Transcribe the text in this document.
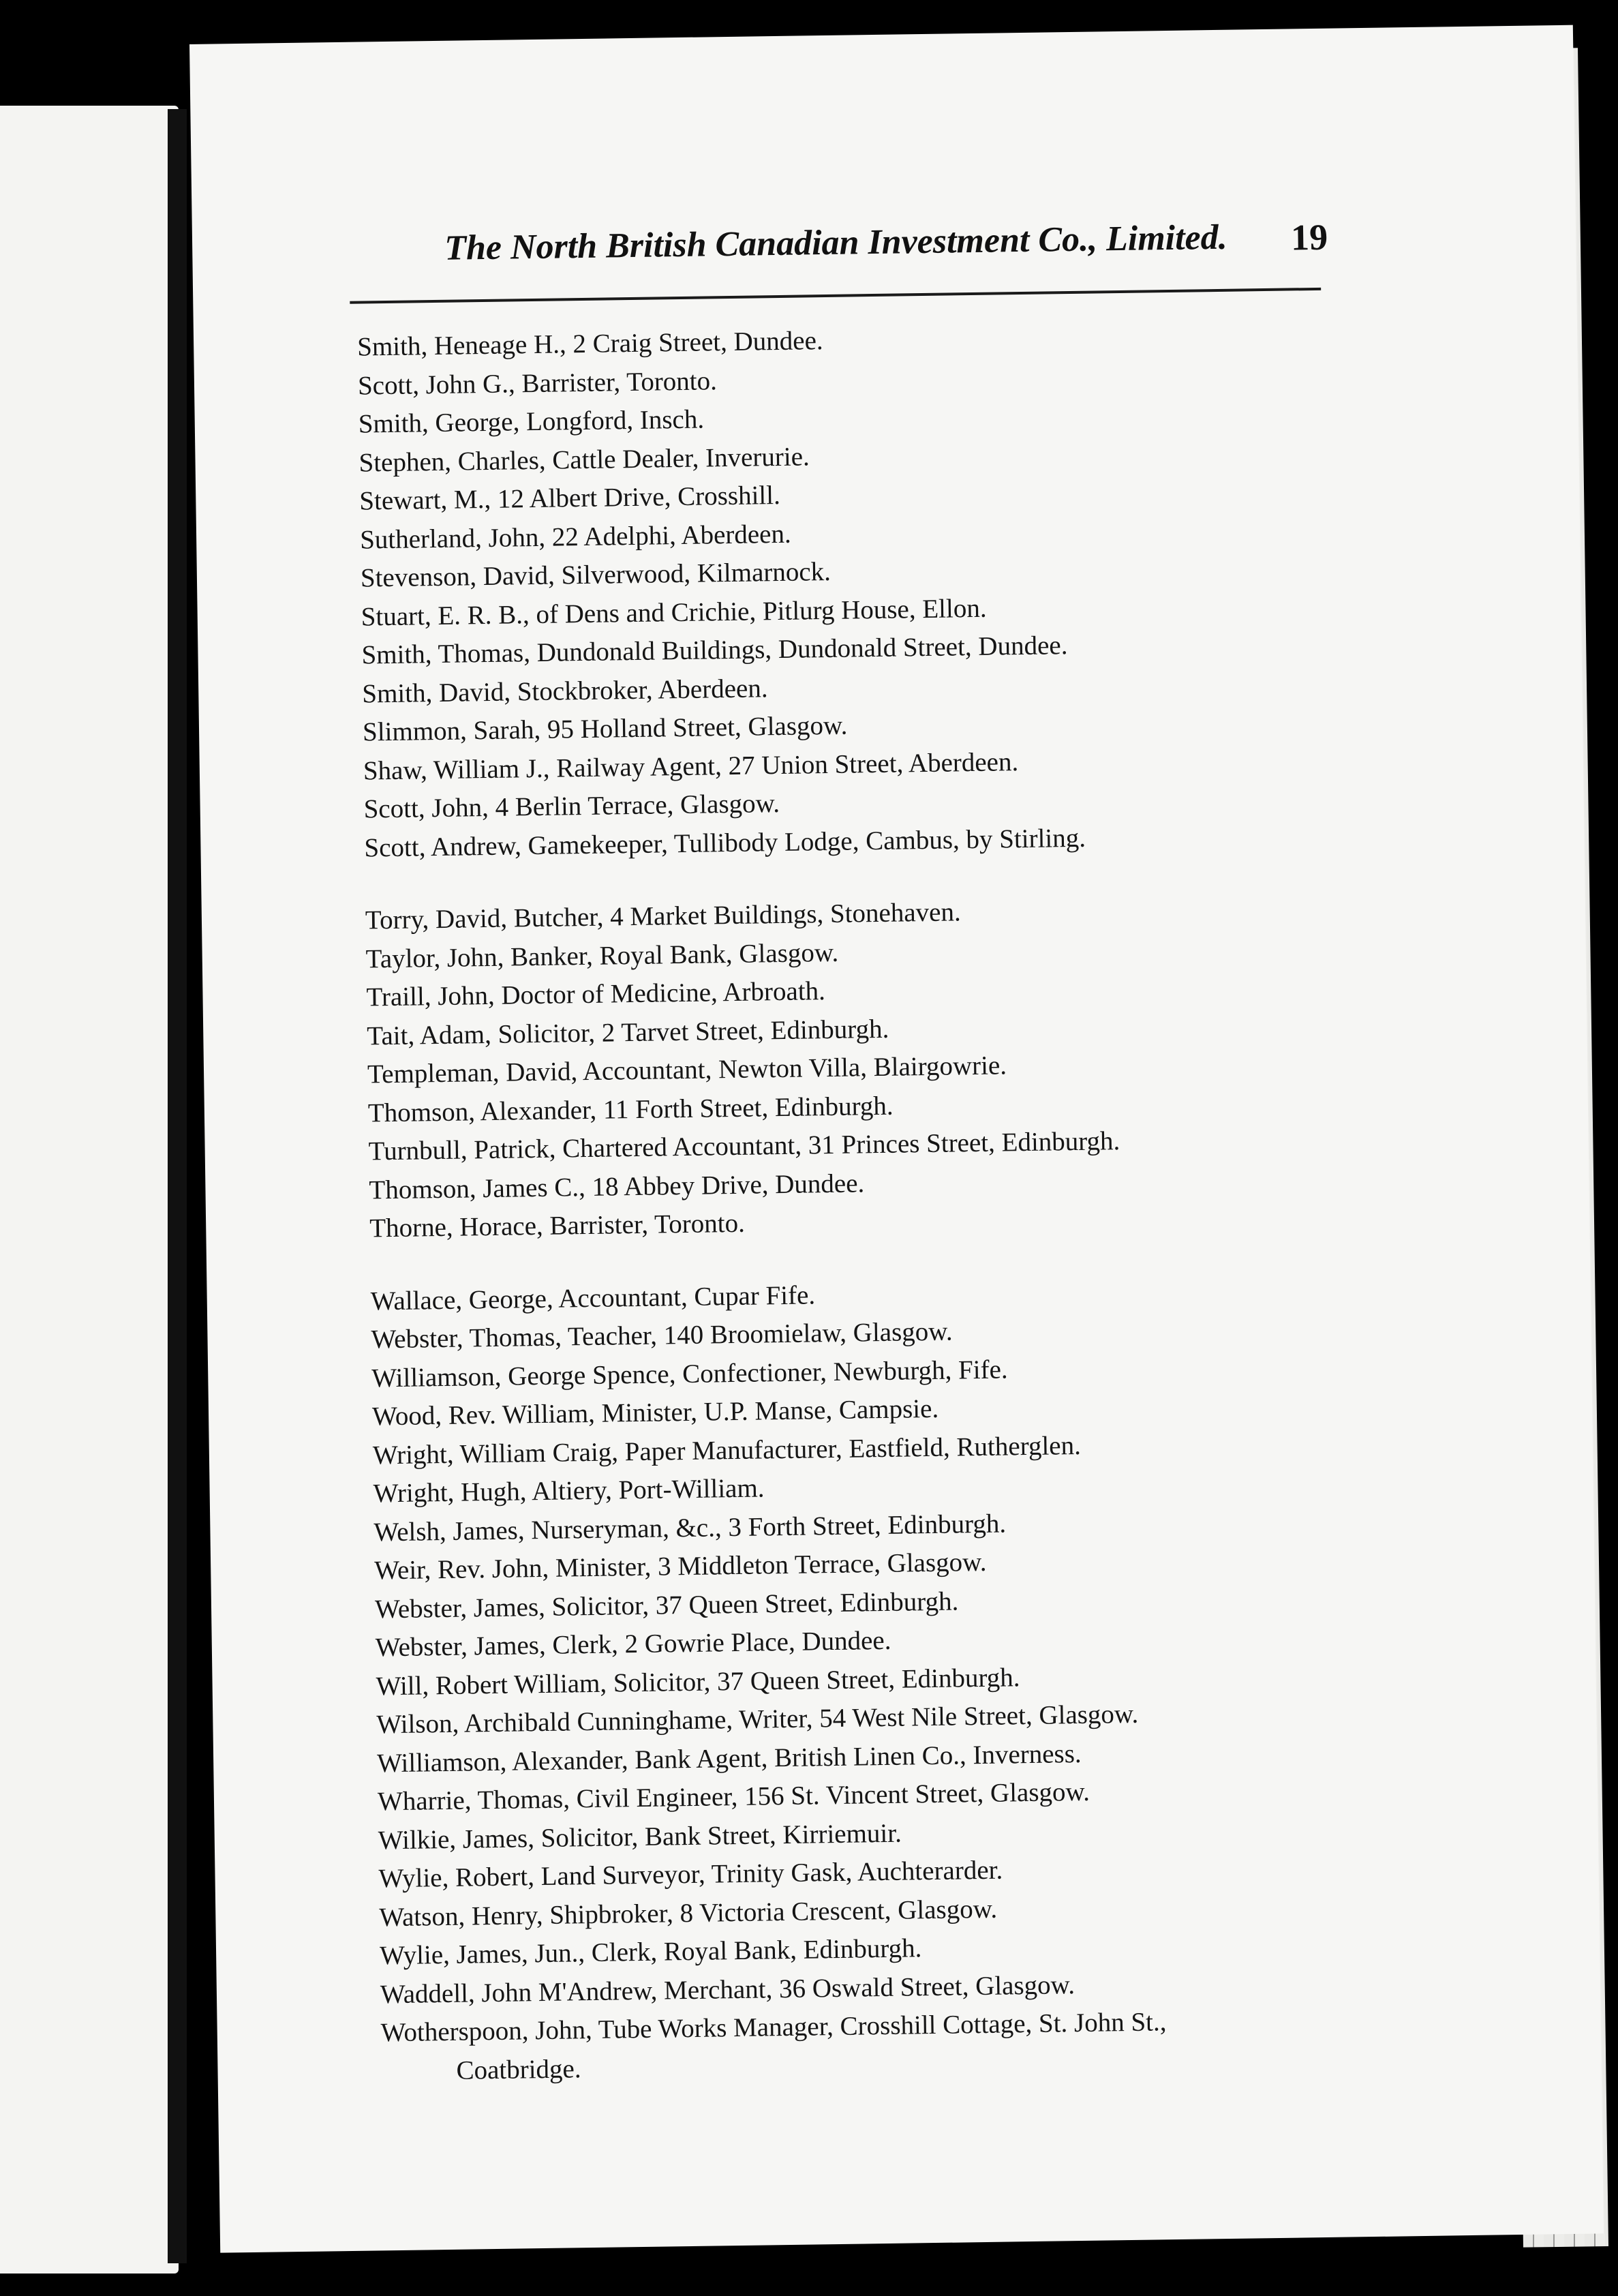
The North British Canadian Investment Co., Limited. 19

Smith, Heneage H., 2 Craig Street, Dundee.

Scott, John G., Barrister, Toronto.

Smith, George, Longford, Insch.

Stephen, Charles, Cattle Dealer, Inverurie.

Stewart, M., 12 Albert Drive, Crosshill.

Sutherland, John, 22 Adelphi, Aberdeen.

Stevenson, David, Silverwood, Kilmarnock.

Stuart, E. R. B., of Dens and Crichie, Pitlurg House, Ellon.

Smith, Thomas, Dundonald Buildings, Dundonald Street, Dundee.

Smith, David, Stockbroker, Aberdeen.

Slimmon, Sarah, 95 Holland Street, Glasgow.

Shaw, William J., Railway Agent, 27 Union Street, Aberdeen.

Scott, John, 4 Berlin Terrace, Glasgow.

Scott, Andrew, Gamekeeper, Tullibody Lodge, Cambus, by Stirling.

Torry, David, Butcher, 4 Market Buildings, Stonehaven.

Taylor, John, Banker, Royal Bank, Glasgow.

Traill, John, Doctor of Medicine, Arbroath.

Tait, Adam, Solicitor, 2 Tarvet Street, Edinburgh.

Templeman, David, Accountant, Newton Villa, Blairgowrie.

Thomson, Alexander, 11 Forth Street, Edinburgh.

Turnbull, Patrick, Chartered Accountant, 31 Princes Street, Edinburgh.

Thomson, James C., 18 Abbey Drive, Dundee.

Thorne, Horace, Barrister, Toronto.

Wallace, George, Accountant, Cupar Fife.

Webster, Thomas, Teacher, 140 Broomielaw, Glasgow.

Williamson, George Spence, Confectioner, Newburgh, Fife.

Wood, Rev. William, Minister, U.P. Manse, Campsie.

Wright, William Craig, Paper Manufacturer, Eastfield, Rutherglen.

Wright, Hugh, Altiery, Port-William.

Welsh, James, Nurseryman, &c., 3 Forth Street, Edinburgh.

Weir, Rev. John, Minister, 3 Middleton Terrace, Glasgow.

Webster, James, Solicitor, 37 Queen Street, Edinburgh.

Webster, James, Clerk, 2 Gowrie Place, Dundee.

Will, Robert William, Solicitor, 37 Queen Street, Edinburgh.

Wilson, Archibald Cunninghame, Writer, 54 West Nile Street, Glasgow.

Williamson, Alexander, Bank Agent, British Linen Co., Inverness.

Wharrie, Thomas, Civil Engineer, 156 St. Vincent Street, Glasgow.

Wilkie, James, Solicitor, Bank Street, Kirriemuir.

Wylie, Robert, Land Surveyor, Trinity Gask, Auchterarder.

Watson, Henry, Shipbroker, 8 Victoria Crescent, Glasgow.

Wylie, James, Jun., Clerk, Royal Bank, Edinburgh.

Waddell, John M'Andrew, Merchant, 36 Oswald Street, Glasgow.

Wotherspoon, John, Tube Works Manager, Crosshill Cottage, St. John St.,
Coatbridge.
